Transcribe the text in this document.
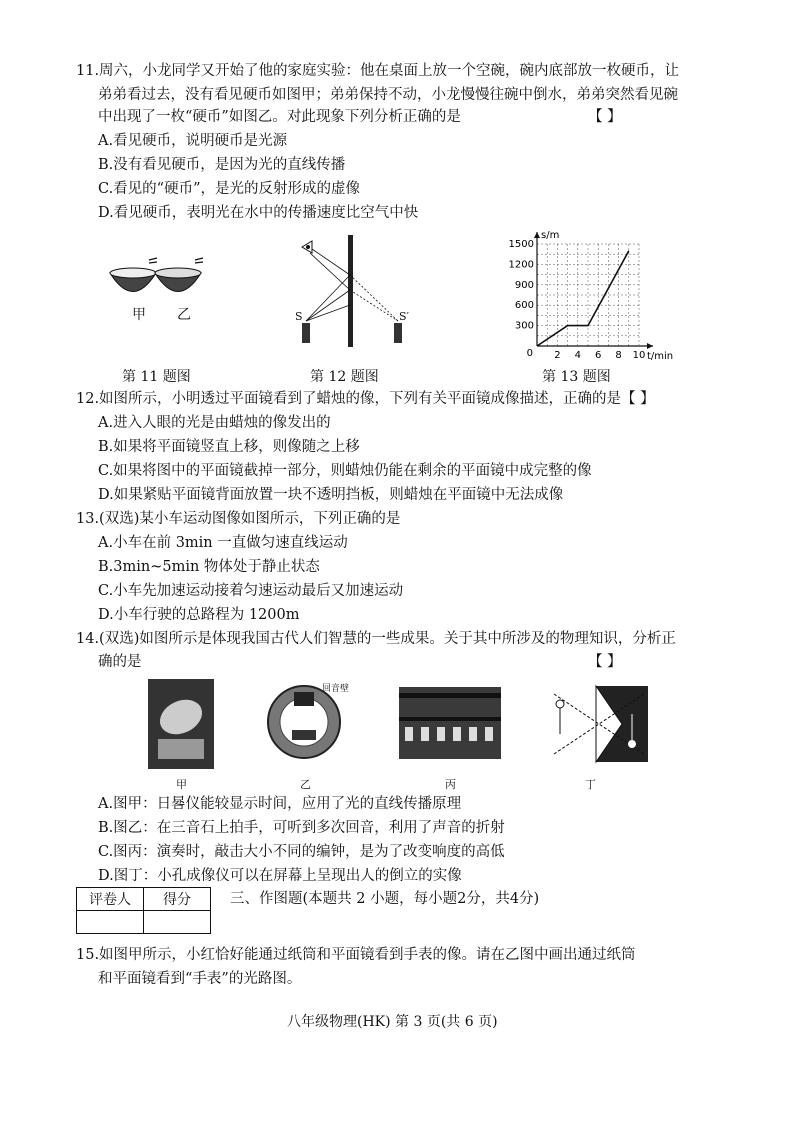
11.周六，小龙同学又开始了他的家庭实验：他在桌面上放一个空碗，碗内底部放一枚硬币，让
弟弟看过去，没有看见硬币如图甲；弟弟保持不动，小龙慢慢往碗中倒水，弟弟突然看见碗
中出现了一枚“硬币”如图乙。对此现象下列分析正确的是	【 】
A.看见硬币，说明硬币是光源
B.没有看见硬币，是因为光的直线传播
C.看见的“硬币”，是光的反射形成的虚像
D.看见硬币，表明光在水中的传播速度比空气中快
甲 乙
第 11 题图
S	S′
第 12 题图
2 4 6 8 10
300
600
900
1200
1500
0	t/min
s/m
第 13 题图
12.如图所示，小明透过平面镜看到了蜡烛的像，下列有关平面镜成像描述，正确的是【 】
A.进入人眼的光是由蜡烛的像发出的
B.如果将平面镜竖直上移，则像随之上移
C.如果将图中的平面镜截掉一部分，则蜡烛仍能在剩余的平面镜中成完整的像
D.如果紧贴平面镜背面放置一块不透明挡板，则蜡烛在平面镜中无法成像
13.(双选)某小车运动图像如图所示，下列正确的是
A.小车在前 3min 一直做匀速直线运动
B.3min~5min 物体处于静止状态
C.小车先加速运动接着匀速运动最后又加速运动
D.小车行驶的总路程为 1200m
14.(双选)如图所示是体现我国古代人们智慧的一些成果。关于其中所涉及的物理知识，分析正
确的是	【 】
回音壁
甲	乙	丙	丁
A.图甲：日晷仪能较显示时间，应用了光的直线传播原理
B.图乙：在三音石上拍手，可听到多次回音，利用了声音的折射
C.图丙：演奏时，敲击大小不同的编钟，是为了改变响度的高低
D.图丁：小孔成像仪可以在屏幕上呈现出人的倒立的实像
评卷人	得分
		三、作图题(本题共 2 小题，每小题2分，共4分)
15.如图甲所示，小红恰好能通过纸筒和平面镜看到手表的像。请在乙图中画出通过纸筒
和平面镜看到“手表”的光路图。
八年级物理(HK) 第 3 页(共 6 页)
